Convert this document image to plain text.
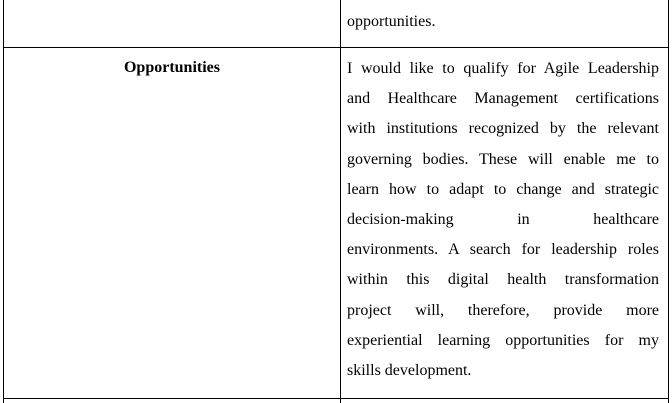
opportunities.
Opportunities	I would like to qualify for Agile Leadership
and Healthcare Management certifications
with institutions recognized by the relevant
governing bodies. These will enable me to
learn how to adapt to change and strategic
decision-making in healthcare
environments. A search for leadership roles
within this digital health transformation
project will, therefore, provide more
experiential learning opportunities for my
skills development.
